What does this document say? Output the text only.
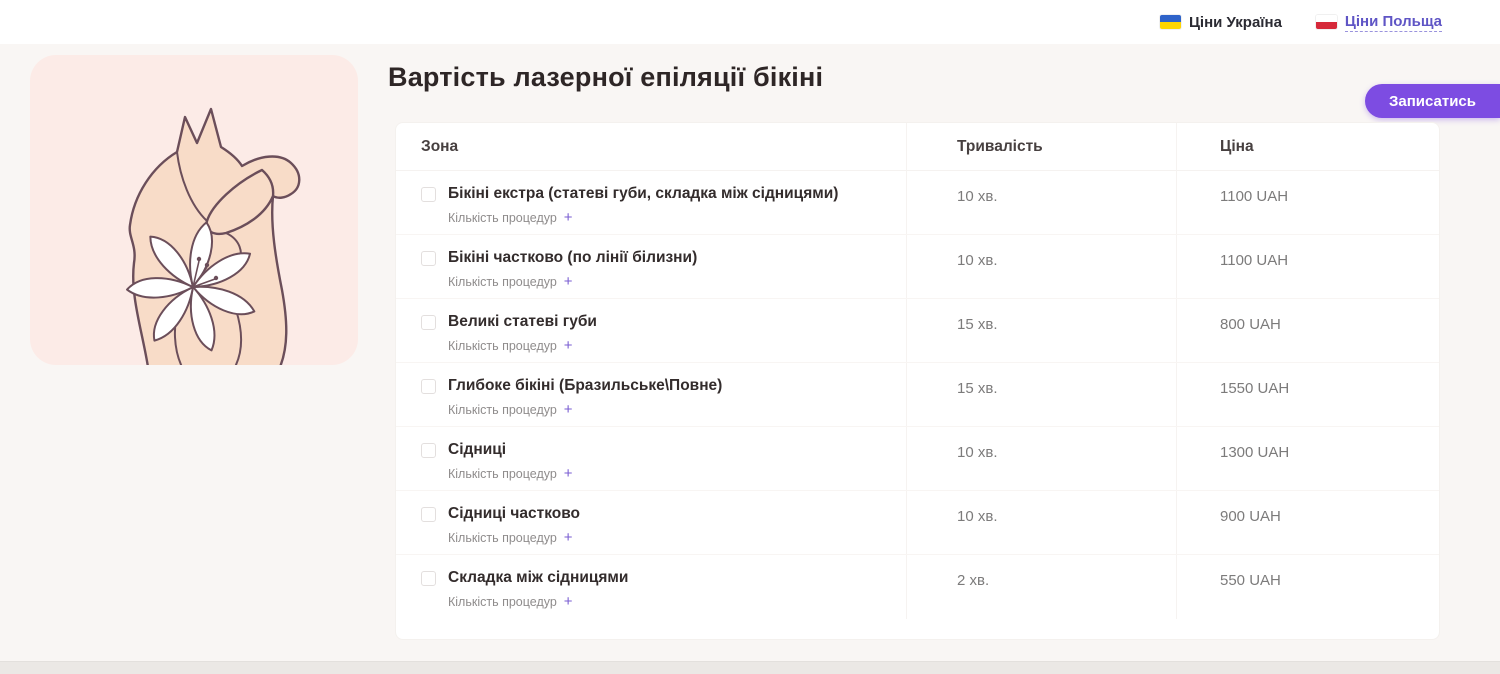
Ціни Україна	Ціни Польща
Вартість лазерної епіляції бікіні
Записатись
Зона	Тривалість	Ціна
Бікіні екстра (статеві губи, складка між сідницями)
Кількість процедур +
10 хв.	1100 UAH
Бікіні частково (по лінії білизни)
Кількість процедур +
10 хв.	1100 UAH
Великі статеві губи
Кількість процедур +
15 хв.	800 UAH
Глибоке бікіні (Бразильське\Повне)
Кількість процедур +
15 хв.	1550 UAH
Сідниці
Кількість процедур +
10 хв.	1300 UAH
Сідниці частково
Кількість процедур +
10 хв.	900 UAH
Складка між сідницями
Кількість процедур +
2 хв.	550 UAH
